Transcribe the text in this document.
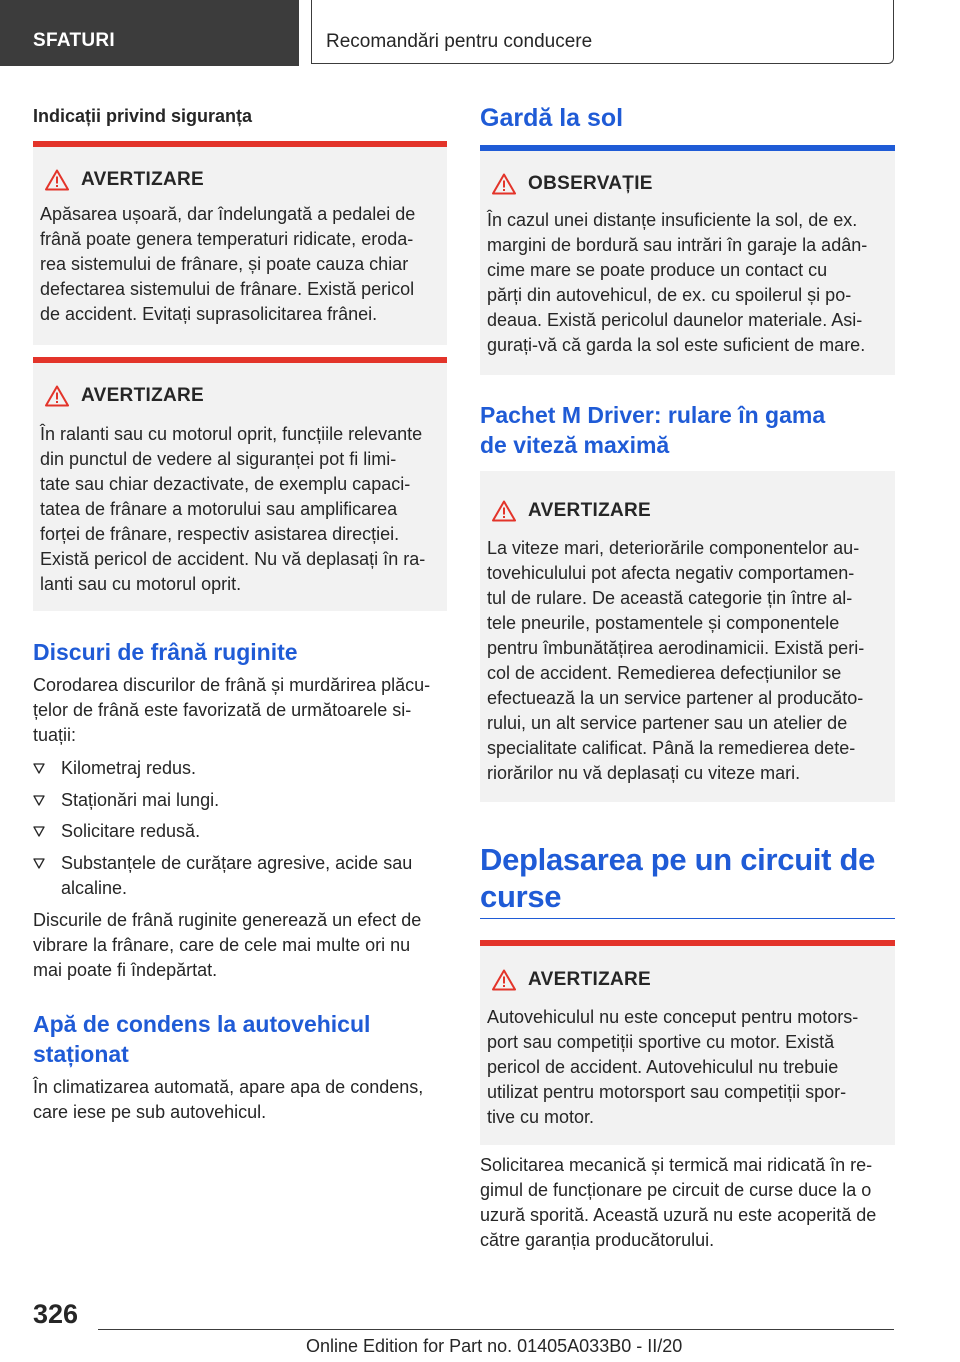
SFATURI	Recomandări pentru conducere
Indicații privind siguranța
AVERTIZARE
Apăsarea ușoară, dar îndelungată a pedalei de
frână poate genera temperaturi ridicate, eroda-
rea sistemului de frânare, și poate cauza chiar
defectarea sistemului de frânare. Există pericol
de accident. Evitați suprasolicitarea frânei.
AVERTIZARE
În ralanti sau cu motorul oprit, funcțiile relevante
din punctul de vedere al siguranței pot fi limi-
tate sau chiar dezactivate, de exemplu capaci-
tatea de frânare a motorului sau amplificarea
forței de frânare, respectiv asistarea direcției.
Există pericol de accident. Nu vă deplasați în ra-
lanti sau cu motorul oprit.
Discuri de frână ruginite
Corodarea discurilor de frână și murdărirea plăcu-
țelor de frână este favorizată de următoarele si-
tuații:
Kilometraj redus.
Staționări mai lungi.
Solicitare redusă.
Substanțele de curățare agresive, acide sau
alcaline.
Discurile de frână ruginite generează un efect de
vibrare la frânare, care de cele mai multe ori nu
mai poate fi îndepărtat.
Apă de condens la autovehicul
staționat
În climatizarea automată, apare apa de condens,
care iese pe sub autovehicul.
Gardă la sol
OBSERVAȚIE
În cazul unei distanțe insuficiente la sol, de ex.
margini de bordură sau intrări în garaje la adân-
cime mare se poate produce un contact cu
părți din autovehicul, de ex. cu spoilerul și po-
deaua. Există pericolul daunelor materiale. Asi-
gurați-vă că garda la sol este suficient de mare.
Pachet M Driver: rulare în gama
de viteză maximă
AVERTIZARE
La viteze mari, deteriorările componentelor au-
tovehiculului pot afecta negativ comportamen-
tul de rulare. De această categorie țin între al-
tele pneurile, postamentele și componentele
pentru îmbunătățirea aerodinamicii. Există peri-
col de accident. Remedierea defecțiunilor se
efectuează la un service partener al producăto-
rului, un alt service partener sau un atelier de
specialitate calificat. Până la remedierea dete-
riorărilor nu vă deplasați cu viteze mari.
Deplasarea pe un circuit de
curse
AVERTIZARE
Autovehiculul nu este conceput pentru motors-
port sau competiții sportive cu motor. Există
pericol de accident. Autovehiculul nu trebuie
utilizat pentru motorsport sau competiții spor-
tive cu motor.
Solicitarea mecanică și termică mai ridicată în re-
gimul de funcționare pe circuit de curse duce la o
uzură sporită. Această uzură nu este acoperită de
către garanția producătorului.
326
Online Edition for Part no. 01405A033B0 - II/20
